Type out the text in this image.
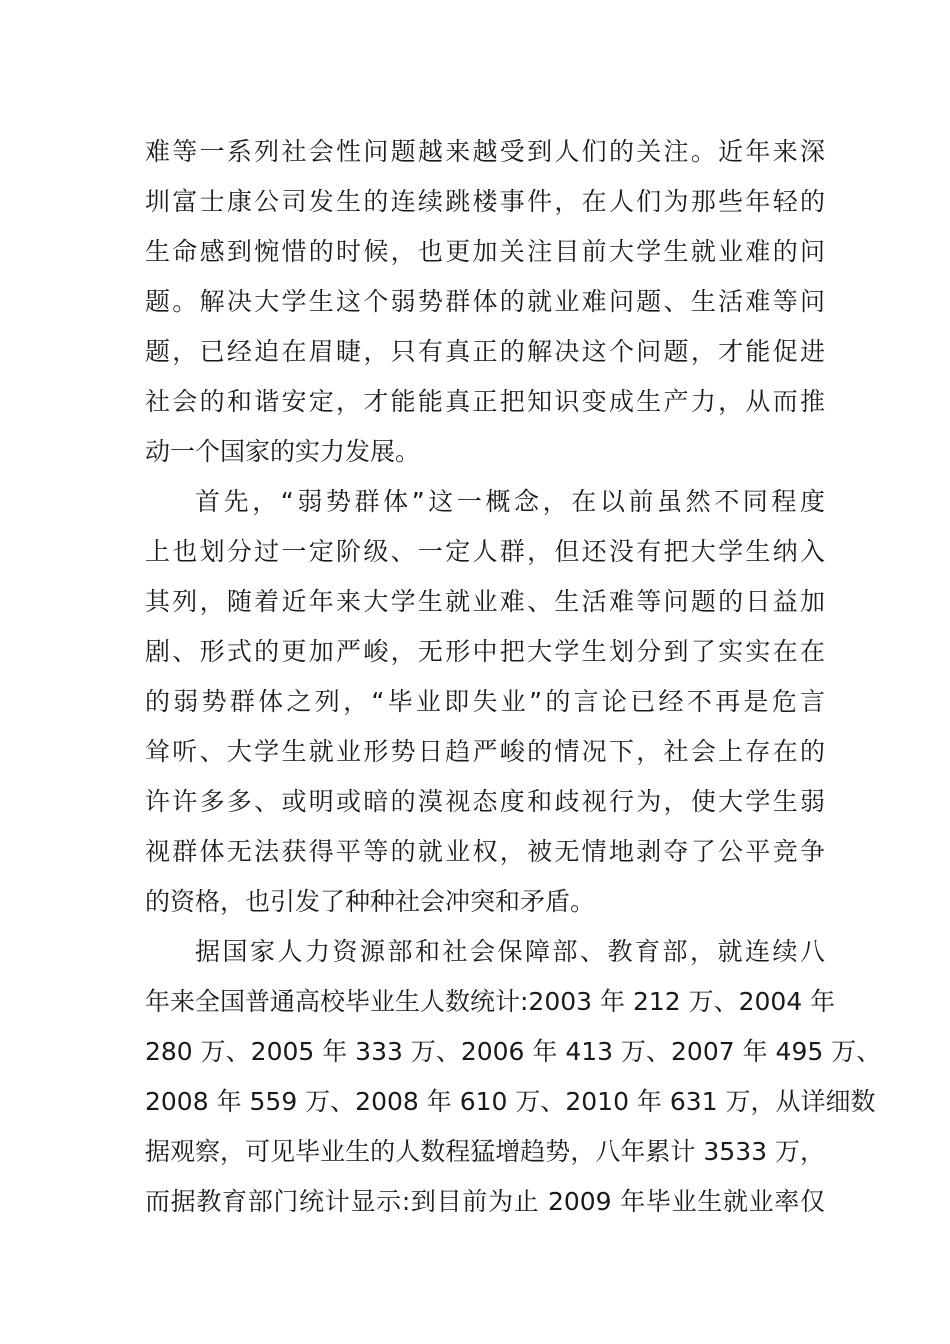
难等一系列社会性问题越来越受到人们的关注。近年来深
圳富士康公司发生的连续跳楼事件，在人们为那些年轻的
生命感到惋惜的时候，也更加关注目前大学生就业难的问
题。解决大学生这个弱势群体的就业难问题、生活难等问
题，已经迫在眉睫，只有真正的解决这个问题，才能促进
社会的和谐安定，才能能真正把知识变成生产力，从而推
动一个国家的实力发展。
首先，“弱势群体”这一概念，在以前虽然不同程度
上也划分过一定阶级、一定人群，但还没有把大学生纳入
其列，随着近年来大学生就业难、生活难等问题的日益加
剧、形式的更加严峻，无形中把大学生划分到了实实在在
的弱势群体之列，“毕业即失业”的言论已经不再是危言
耸听、大学生就业形势日趋严峻的情况下，社会上存在的
许许多多、或明或暗的漠视态度和歧视行为，使大学生弱
视群体无法获得平等的就业权，被无情地剥夺了公平竞争
的资格，也引发了种种社会冲突和矛盾。
据国家人力资源部和社会保障部、教育部，就连续八
年来全国普通高校毕业生人数统计:2003 年 212 万、2004 年
280 万、2005 年 333 万、2006 年 413 万、2007 年 495 万、
2008 年 559 万、2008 年 610 万、2010 年 631 万，从详细数
据观察，可见毕业生的人数程猛增趋势，八年累计 3533 万，
而据教育部门统计显示:到目前为止 2009 年毕业生就业率仅
